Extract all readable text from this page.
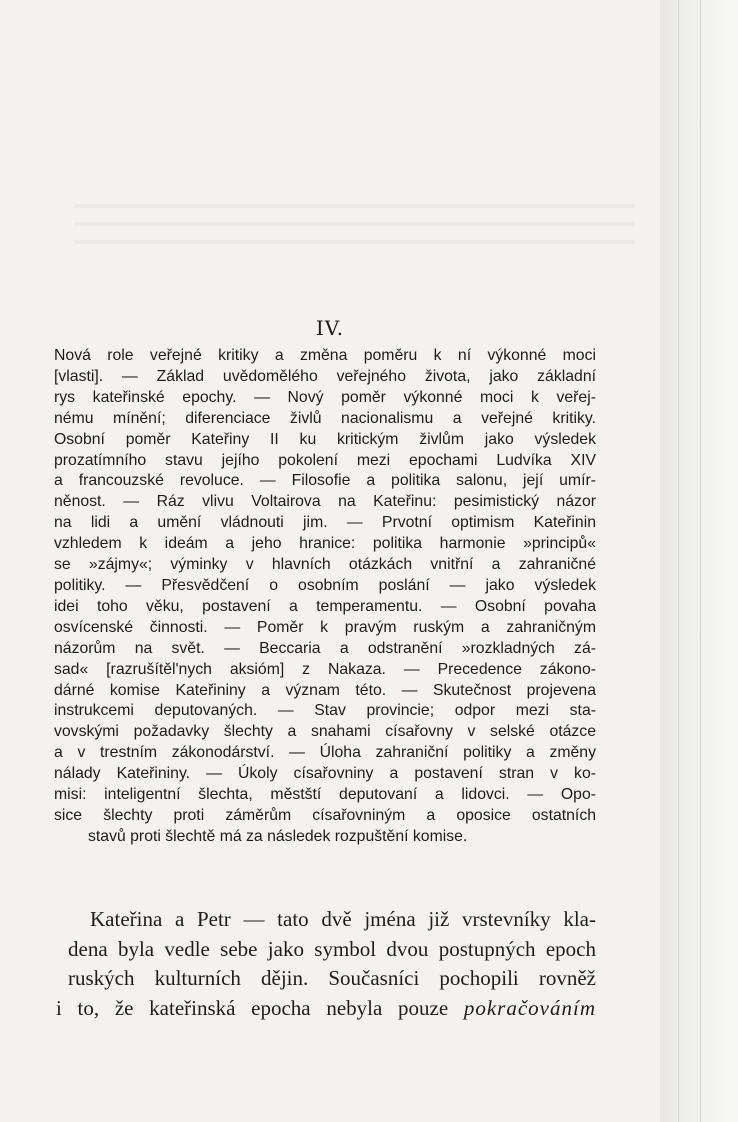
IV.
Nová role veřejné kritiky a změna poměru k ní výkonné moci
[vlasti]. — Základ uvědomělého veřejného života, jako základní
rys kateřinské epochy. — Nový poměr výkonné moci k veřej-
nému mínění; diferenciace živlů nacionalismu a veřejné kritiky.
Osobní poměr Kateřiny II ku kritickým živlům jako výsledek
prozatímního stavu jejího pokolení mezi epochami Ludvíka XIV
a francouzské revoluce. — Filosofie a politika salonu, její umír-
něnost. — Ráz vlivu Voltairova na Kateřinu: pesimistický názor
na lidi a umění vládnouti jim. — Prvotní optimism Kateřinin
vzhledem k ideám a jeho hranice: politika harmonie »principů«
se »zájmy«; výminky v hlavních otázkách vnitřní a zahraničné
politiky. — Přesvědčení o osobním poslání — jako výsledek
idei toho věku, postavení a temperamentu. — Osobní povaha
osvícenské činnosti. — Poměr k pravým ruským a zahraničným
názorům na svět. — Beccaria a odstranění »rozkladných zá-
sad« [razrušítěl'nych aksióm] z Nakaza. — Precedence zákono-
dárné komise Kateřininy a význam této. — Skutečnost projevena
instrukcemi deputovaných. — Stav provincie; odpor mezi sta-
vovskými požadavky šlechty a snahami císařovny v selské otázce
a v trestním zákonodárství. — Úloha zahraniční politiky a změny
nálady Kateřininy. — Úkoly císařovniny a postavení stran v ko-
misi: inteligentní šlechta, městští deputovaní a lidovci. — Opo-
sice šlechty proti záměrům císařovniným a oposice ostatních
stavů proti šlechtě má za následek rozpuštění komise.
Kateřina a Petr — tato dvě jména již vrstevníky kla-
dena byla vedle sebe jako symbol dvou postupných epoch
ruských kulturních dějin. Současníci pochopili rovněž
i to, že kateřinská epocha nebyla pouze pokračováním
